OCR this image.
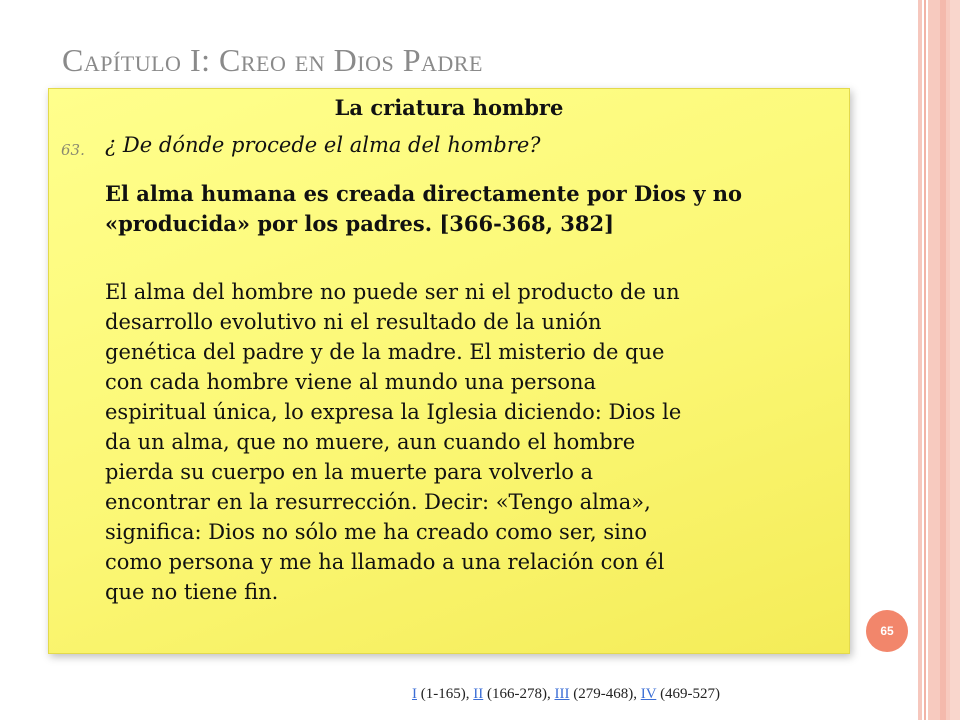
Capítulo I: Creo en Dios Padre
La criatura hombre
63. ¿ De dónde procede el alma del hombre?

El alma humana es creada directamente por Dios y no «producida» por los padres. [366-368, 382]

El alma del hombre no puede ser ni el producto de un
desarrollo evolutivo ni el resultado de la unión
genética del padre y de la madre. El misterio de que
con cada hombre viene al mundo una persona
espiritual única, lo expresa la Iglesia diciendo: Dios le
da un alma, que no muere, aun cuando el hombre
pierda su cuerpo en la muerte para volverlo a
encontrar en la resurrección. Decir: «Tengo alma»,
significa: Dios no sólo me ha creado como ser, sino
como persona y me ha llamado a una relación con él
que no tiene fin.

65
I (1-165), II (166-278), III (279-468), IV (469-527)
